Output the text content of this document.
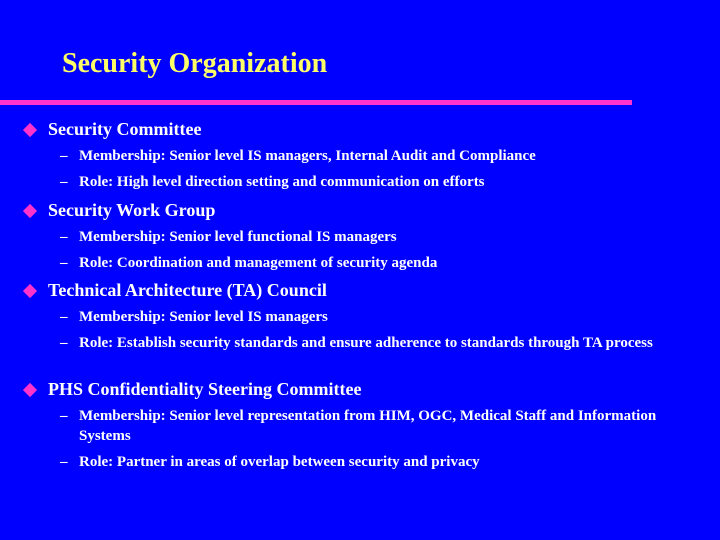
Security Organization
Security Committee
– Membership: Senior level IS managers, Internal Audit and Compliance
– Role: High level direction setting and communication on efforts
Security Work Group
– Membership: Senior level functional IS managers
– Role: Coordination and management of security agenda
Technical Architecture (TA) Council
– Membership: Senior level IS managers
– Role: Establish security standards and ensure adherence to standards through TA process
PHS Confidentiality Steering Committee
– Membership: Senior level representation from HIM, OGC, Medical Staff and Information Systems
– Role: Partner in areas of overlap between security and privacy
